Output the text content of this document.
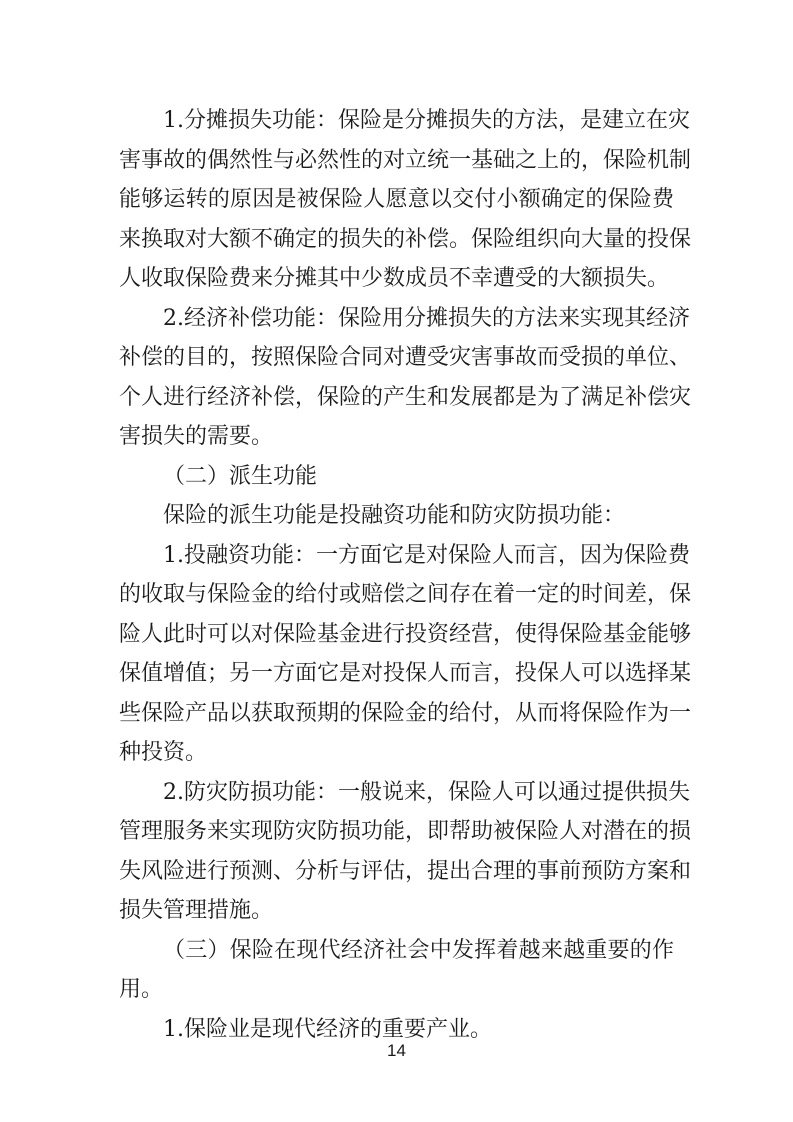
1.分摊损失功能：保险是分摊损失的方法，是建立在灾
害事故的偶然性与必然性的对立统一基础之上的，保险机制
能够运转的原因是被保险人愿意以交付小额确定的保险费
来换取对大额不确定的损失的补偿。保险组织向大量的投保
人收取保险费来分摊其中少数成员不幸遭受的大额损失。
2.经济补偿功能：保险用分摊损失的方法来实现其经济
补偿的目的，按照保险合同对遭受灾害事故而受损的单位、
个人进行经济补偿，保险的产生和发展都是为了满足补偿灾
害损失的需要。
（二）派生功能
保险的派生功能是投融资功能和防灾防损功能：
1.投融资功能：一方面它是对保险人而言，因为保险费
的收取与保险金的给付或赔偿之间存在着一定的时间差，保
险人此时可以对保险基金进行投资经营，使得保险基金能够
保值增值；另一方面它是对投保人而言，投保人可以选择某
些保险产品以获取预期的保险金的给付，从而将保险作为一
种投资。
2.防灾防损功能：一般说来，保险人可以通过提供损失
管理服务来实现防灾防损功能，即帮助被保险人对潜在的损
失风险进行预测、分析与评估，提出合理的事前预防方案和
损失管理措施。
（三）保险在现代经济社会中发挥着越来越重要的作
用。
1.保险业是现代经济的重要产业。
14
